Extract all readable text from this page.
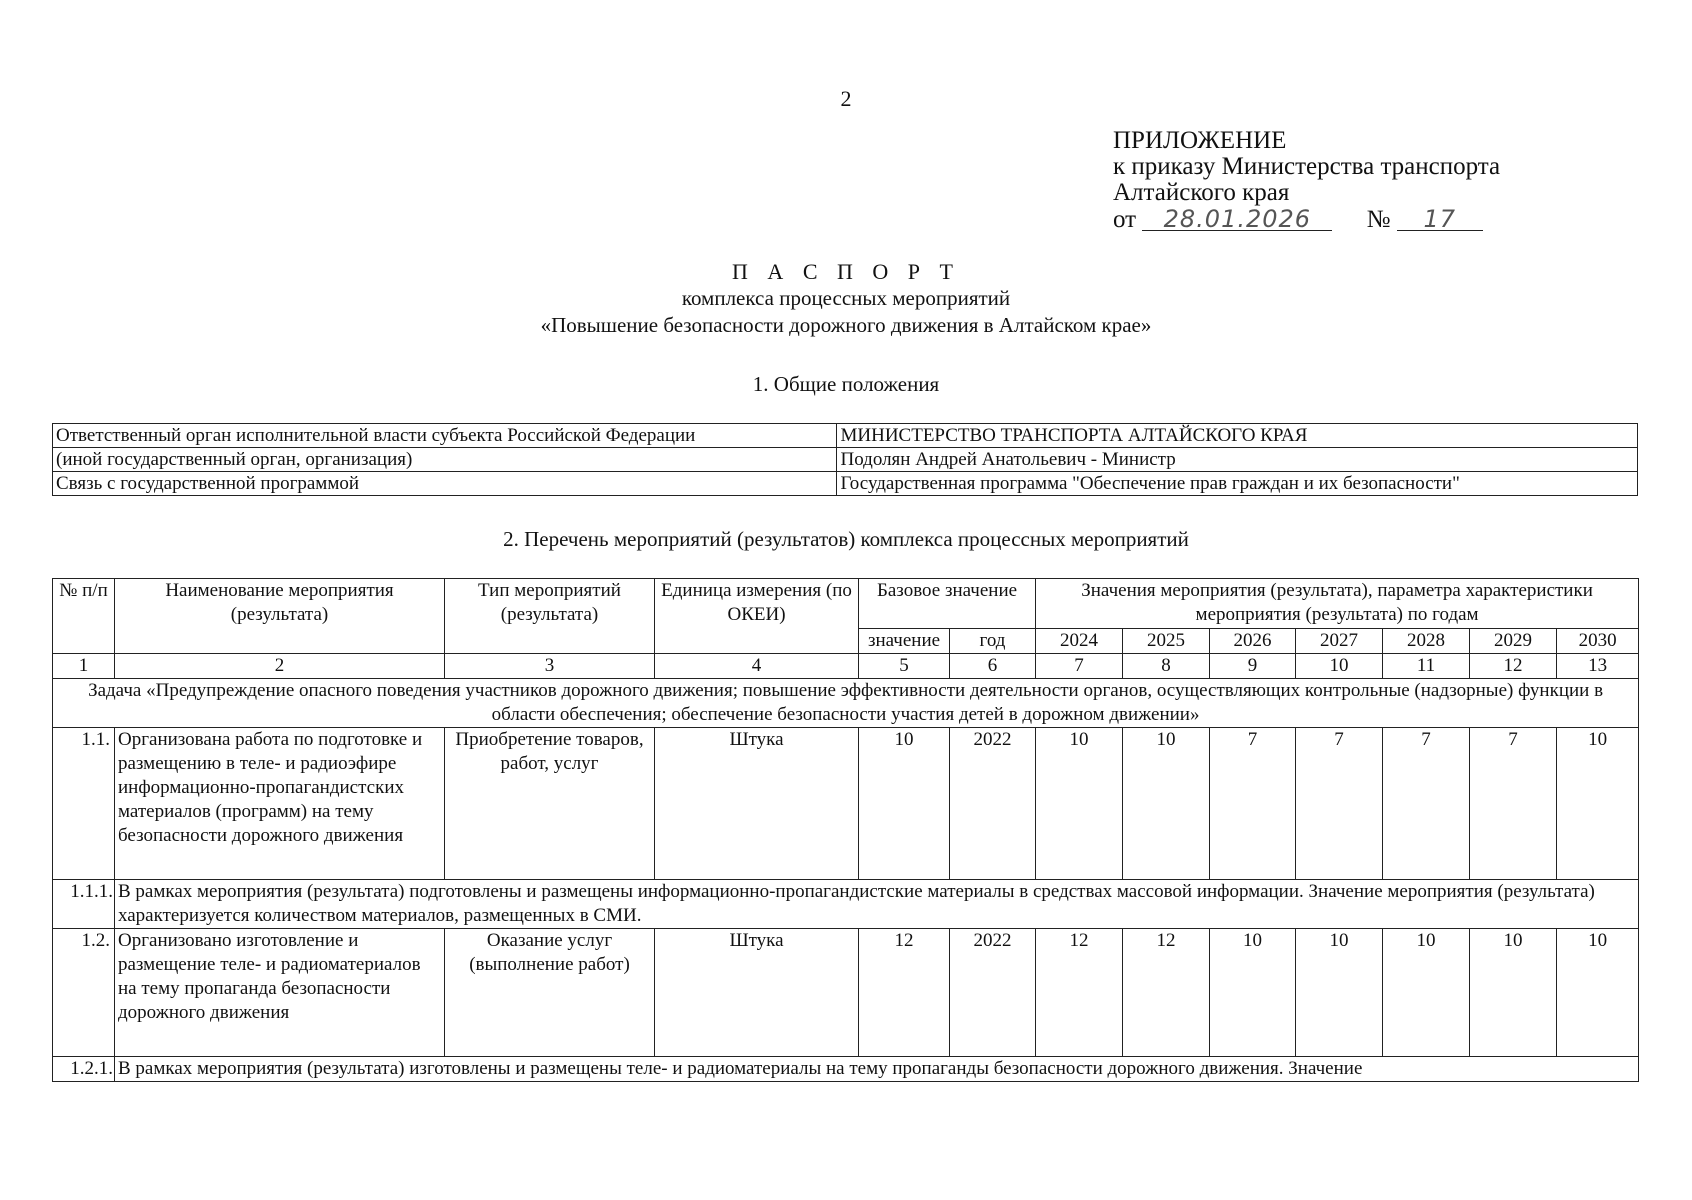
2
ПРИЛОЖЕНИЕ
к приказу Министерства транспорта
Алтайского края
от 28.01.2026 № 17
П А С П О Р Т
комплекса процессных мероприятий
«Повышение безопасности дорожного движения в Алтайском крае»
1. Общие положения
Ответственный орган исполнительной власти субъекта Российской Федерации	МИНИСТЕРСТВО ТРАНСПОРТА АЛТАЙСКОГО КРАЯ
(иной государственный орган, организация)	Подолян Андрей Анатольевич - Министр
Связь с государственной программой	Государственная программа "Обеспечение прав граждан и их безопасности"
2. Перечень мероприятий (результатов) комплекса процессных мероприятий
№ п/п	Наименование мероприятия (результата)	Тип мероприятий (результата)	Единица измерения (по ОКЕИ)	Базовое значение		Значения мероприятия (результата), параметра характеристики мероприятия (результата) по годам						
				значение	год	2024	2025	2026	2027	2028	2029	2030
1	2	3	4	5	6	7	8	9	10	11	12	13
Задача «Предупреждение опасного поведения участников дорожного движения; повышение эффективности деятельности органов, осуществляющих контрольные (надзорные) функции в области обеспечения; обеспечение безопасности участия детей в дорожном движении»												
1.1.	Организована работа по подготовке и размещению в теле- и радиоэфире информационно-пропагандистских материалов (программ) на тему безопасности дорожного движения	Приобретение товаров, работ, услуг	Штука	10	2022	10	10	7	7	7	7	10
1.1.1.	В рамках мероприятия (результата) подготовлены и размещены информационно-пропагандистские материалы в средствах массовой информации. Значение мероприятия (результата) характеризуется количеством материалов, размещенных в СМИ.											
1.2.	Организовано изготовление и размещение теле- и радиоматериалов на тему пропаганда безопасности дорожного движения	Оказание услуг (выполнение работ)	Штука	12	2022	12	12	10	10	10	10	10
1.2.1.	В рамках мероприятия (результата) изготовлены и размещены теле- и радиоматериалы на тему пропаганды безопасности дорожного движения. Значение											
